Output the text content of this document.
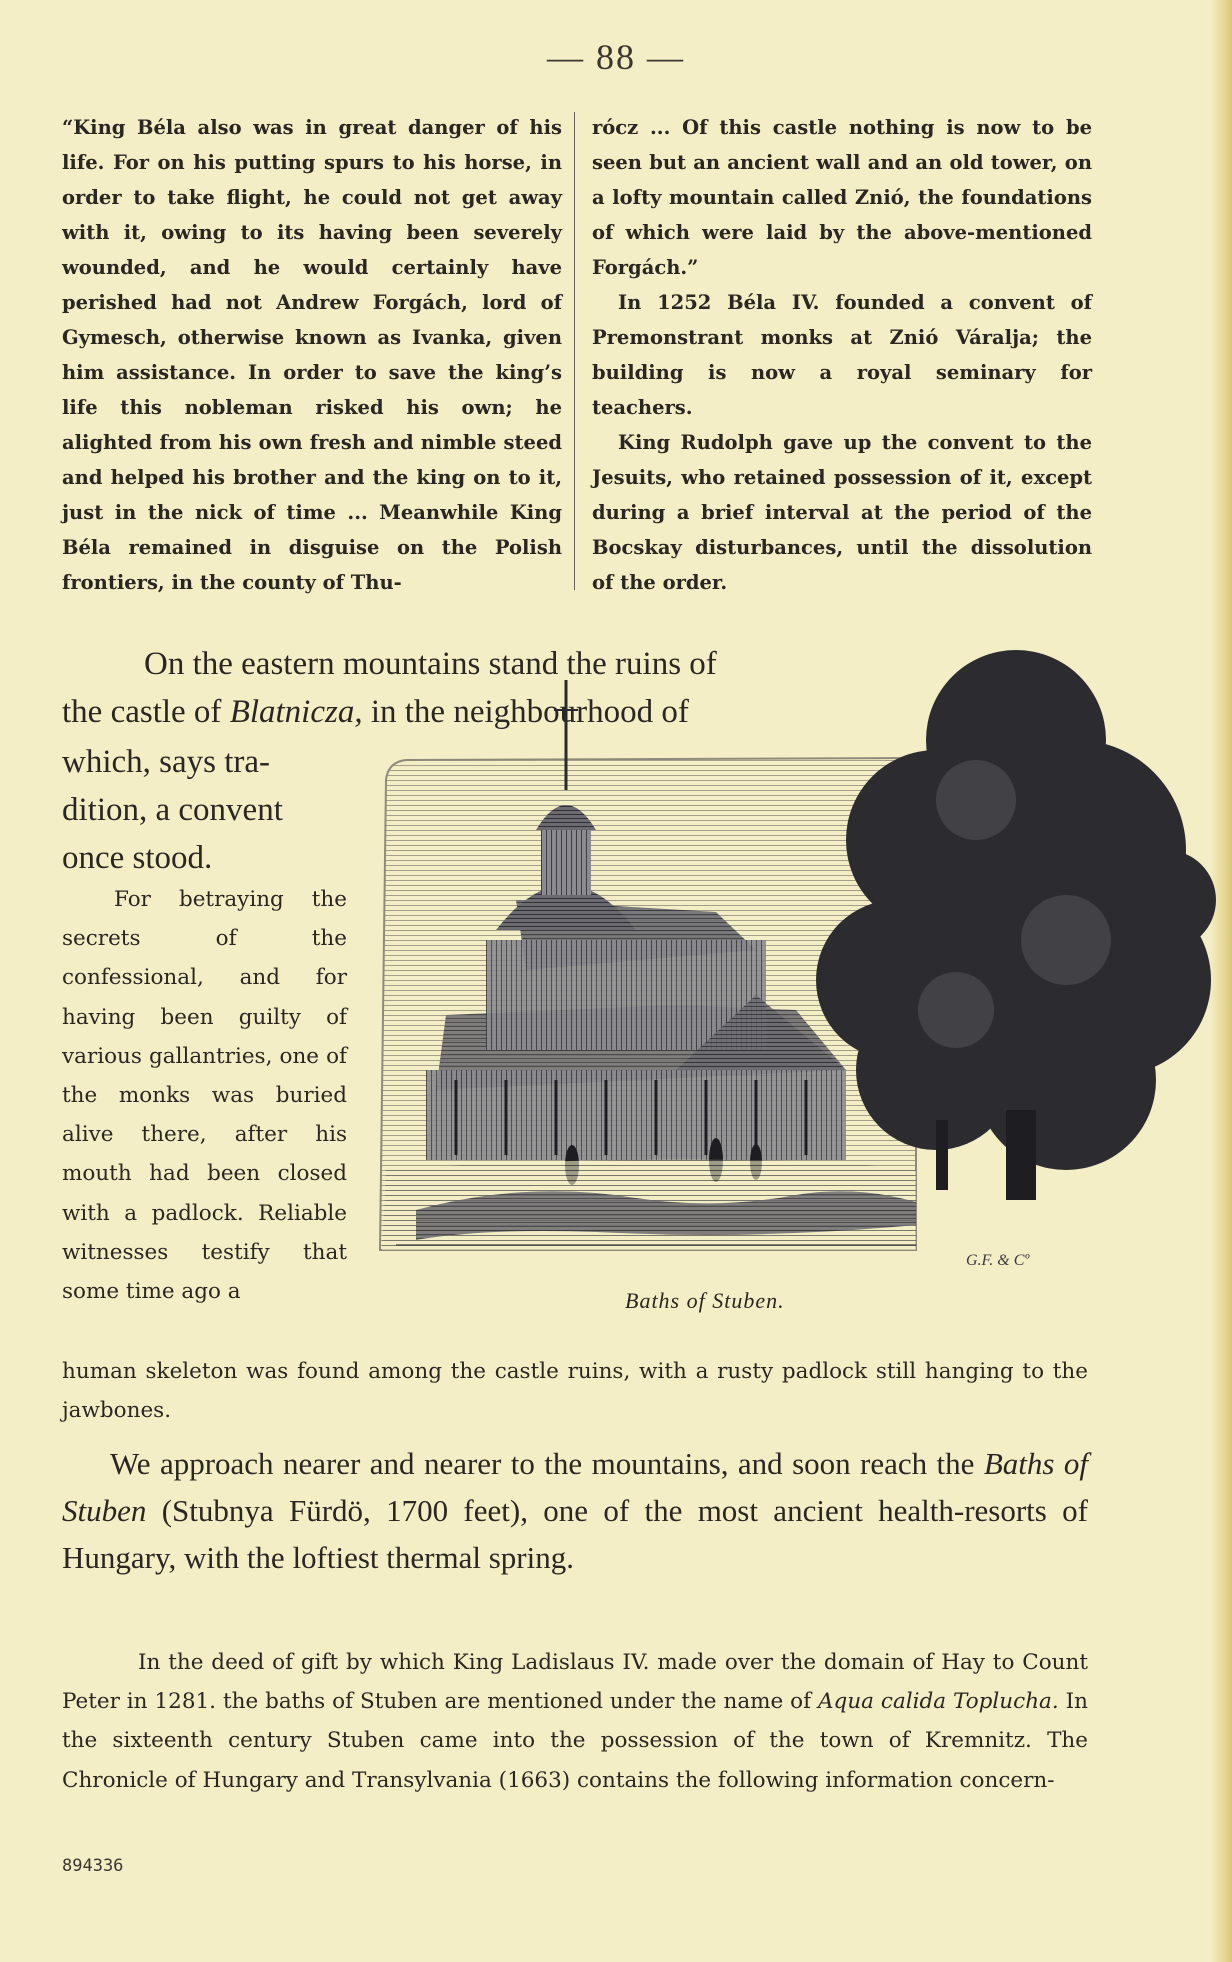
— 88 —

“King Béla also was in great danger of his life. For on his putting spurs to his horse, in order to take flight, he could not get away with it, owing to its having been severely wounded, and he would certainly have perished had not Andrew Forgách, lord of Gymesch, otherwise known as Ivanka, given him assistance. In order to save the king’s life this nobleman risked his own; he alighted from his own fresh and nimble steed and helped his brother and the king on to it, just in the nick of time ... Meanwhile King Béla remained in disguise on the Polish frontiers, in the county of Thu-

rócz ... Of this castle nothing is now to be seen but an ancient wall and an old tower, on a lofty mountain called Znió, the foundations of which were laid by the above-mentioned Forgách.”

In 1252 Béla IV. founded a convent of Premonstrant monks at Znió Váralja; the building is now a royal seminary for teachers.

King Rudolph gave up the convent to the Jesuits, who retained possession of it, except during a brief interval at the period of the Bocskay disturbances, until the dissolution of the order.

On the eastern mountains stand the ruins of
the castle of Blatnicza, in the neighbourhood of
which, says tra-
dition, a convent
once stood.
For betraying the secrets of the confessional, and for having been guilty of various gallantries, one of the monks was buried alive there, after his mouth had been closed with a padlock. Reliable witnesses testify that some time ago a
human skeleton was found among the castle ruins, with a rusty padlock still hanging to the jawbones.
G.F. & Cº
Baths of Stuben.
We approach nearer and nearer to the mountains, and soon reach the Baths of Stuben (Stubnya Fürdö, 1700 feet), one of the most ancient health-resorts of Hungary, with the loftiest thermal spring.
In the deed of gift by which King Ladislaus IV. made over the domain of Hay to Count Peter in 1281. the baths of Stuben are mentioned under the name of Aqua calida Toplucha. In the sixteenth century Stuben came into the possession of the town of Kremnitz. The Chronicle of Hungary and Transylvania (1663) contains the following information concern-
894336
